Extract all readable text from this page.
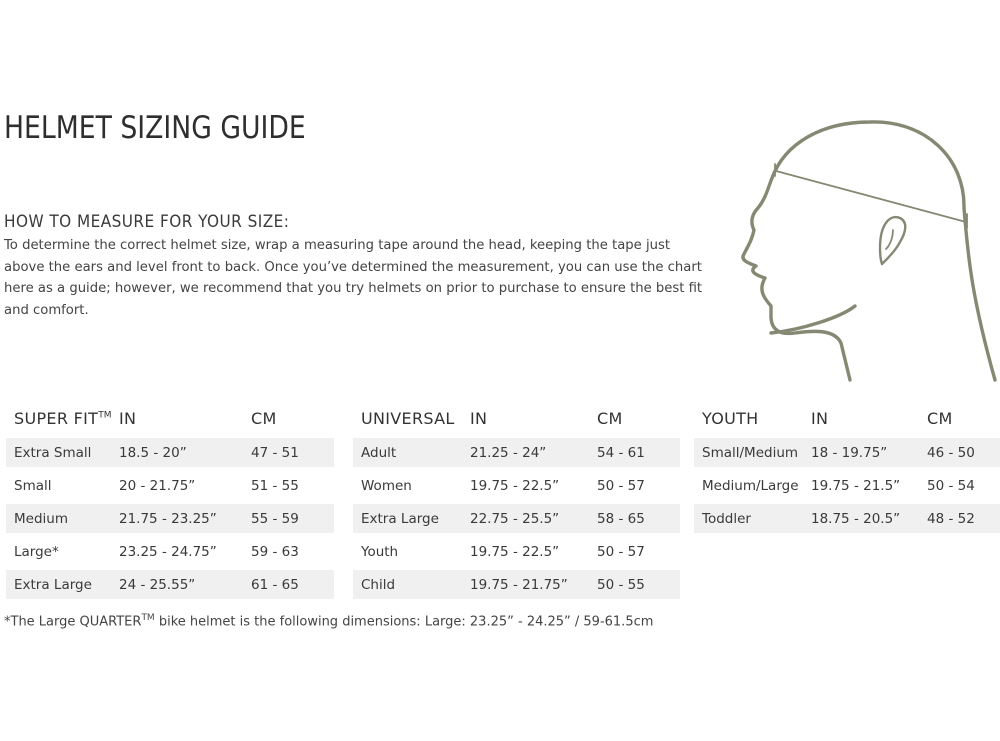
HELMET SIZING GUIDE
HOW TO MEASURE FOR YOUR SIZE:
To determine the correct helmet size, wrap a measuring tape around the head, keeping the tape just above the ears and level front to back. Once you’ve determined the measurement, you can use the chart here as a guide; however, we recommend that you try helmets on prior to purchase to ensure the best fit and comfort.
SUPER FIT™	IN	CM
Extra Small	18.5 - 20”	47 - 51
Small	20 - 21.75”	51 - 55
Medium	21.75 - 23.25”	55 - 59
Large*	23.25 - 24.75”	59 - 63
Extra Large	24 - 25.55”	61 - 65
UNIVERSAL	IN	CM
Adult	21.25 - 24”	54 - 61
Women	19.75 - 22.5”	50 - 57
Extra Large	22.75 - 25.5”	58 - 65
Youth	19.75 - 22.5”	50 - 57
Child	19.75 - 21.75”	50 - 55
YOUTH	IN	CM
Small/Medium	18 - 19.75”	46 - 50
Medium/Large	19.75 - 21.5”	50 - 54
Toddler	18.75 - 20.5”	48 - 52
*The Large QUARTER™ bike helmet is the following dimensions: Large: 23.25” - 24.25” / 59-61.5cm
